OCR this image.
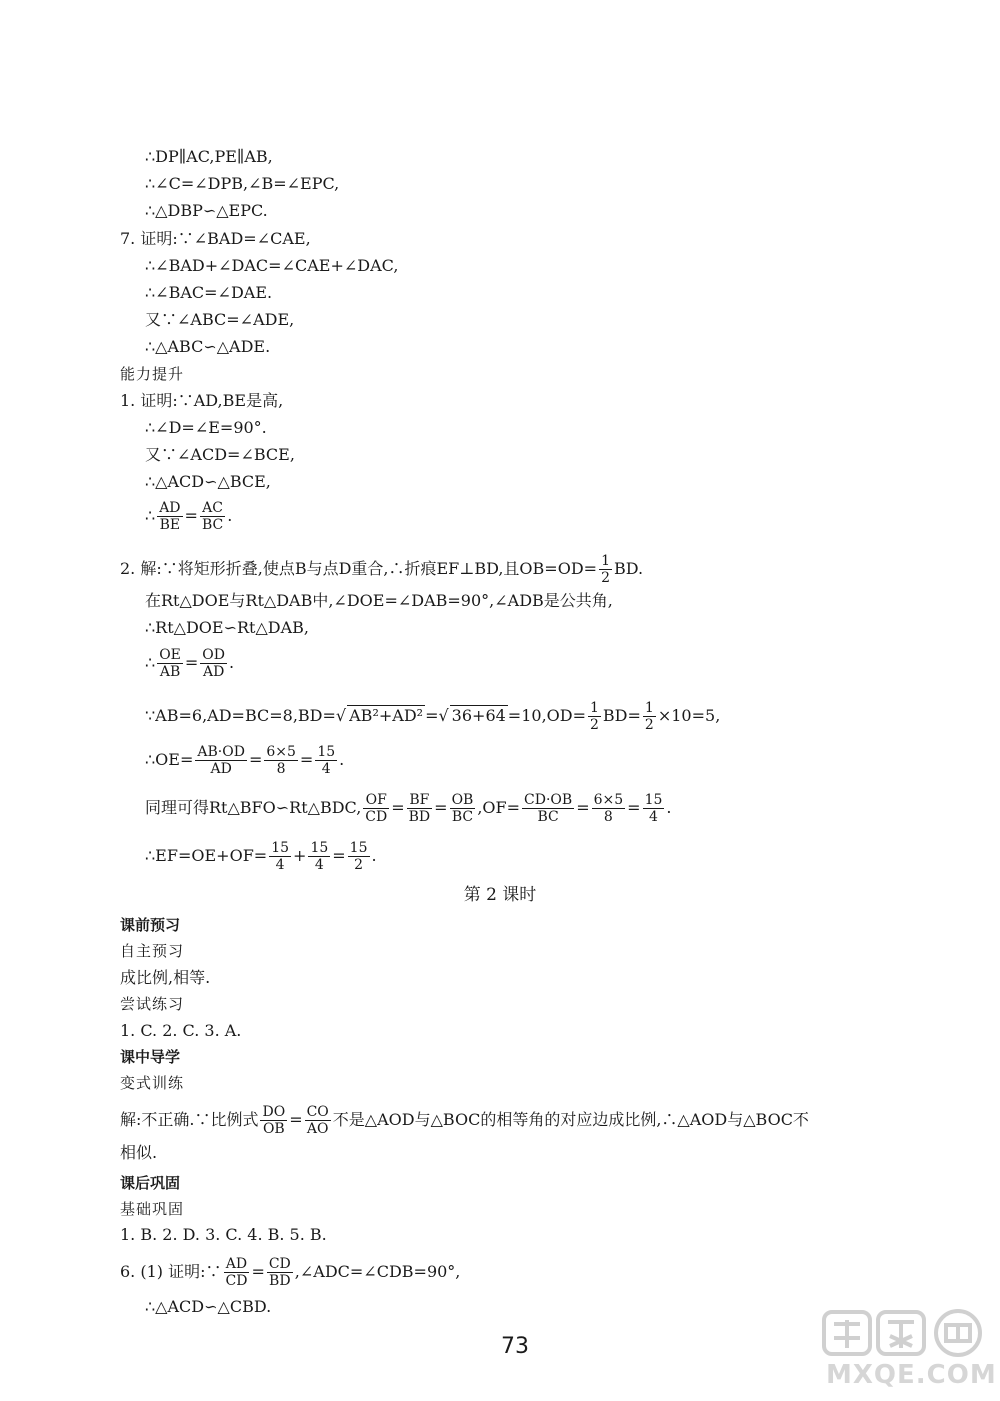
∴DP∥AC,PE∥AB,
∴∠C=∠DPB,∠B=∠EPC,
∴△DBP∽△EPC.
7. 证明:∵∠BAD=∠CAE,
∴∠BAD+∠DAC=∠CAE+∠DAC,
∴∠BAC=∠DAE.
又∵∠ABC=∠ADE,
∴△ABC∽△ADE.
能力提升
1. 证明:∵AD,BE是高,
∴∠D=∠E=90°.
又∵∠ACD=∠BCE,
∴△ACD∽△BCE,
∴ $\frac{AD}{BE} = \frac{AC}{BC}$ .
2. 解:∵将矩形折叠,使点B与点D重合,∴折痕EF⊥BD,且$OB=OD= \frac{1}{2}$ BD.
在Rt△DOE与Rt△DAB中,∠DOE=∠DAB=90°,∠ADB是公共角,
∴Rt△DOE∽Rt△DAB,
∴ $\frac{OE}{AB} = \frac{OD}{AD}$ .
∵AB=6,AD=BC=8,BD=√ AB²+AD² =√ $36+64 =10,OD= \frac{1}{2} BD= \frac{1}{2} \times 10=5$,
∴OE= $\frac{AB\cdot OD}{AD} = \frac{6\times 5}{8} = \frac{15}{4}$ .
同理可得Rt△BFO∽Rt△BDC, $\frac{OF}{CD} = \frac{BF}{BD} = \frac{OB}{BC} ,OF= \frac{CD\cdot OB}{BC} = \frac{6\times 5}{8} = \frac{15}{4}$ .
∴EF=OE+OF= $\frac{15}{4} + \frac{15}{4} = \frac{15}{2}$ .
第 2 课时
课前预习
自主预习
成比例,相等.
尝试练习
1. C. 2. C. 3. A.
课中导学
变式训练
解:不正确.∵比例式 $\frac{DO}{OB} = \frac{CO}{AO}$ 不是△AOD与△BOC的相等角的对应边成比例,∴△AOD与△BOC不
相似.
课后巩固
基础巩固
1. B. 2. D. 3. C. 4. B. 5. B.
6. (1) 证明:∵ $\frac{AD}{CD} = \frac{CD}{BD}$ ,∠ADC=∠CDB=90°,
∴△ACD∽△CBD.
73
MXQE.COM
